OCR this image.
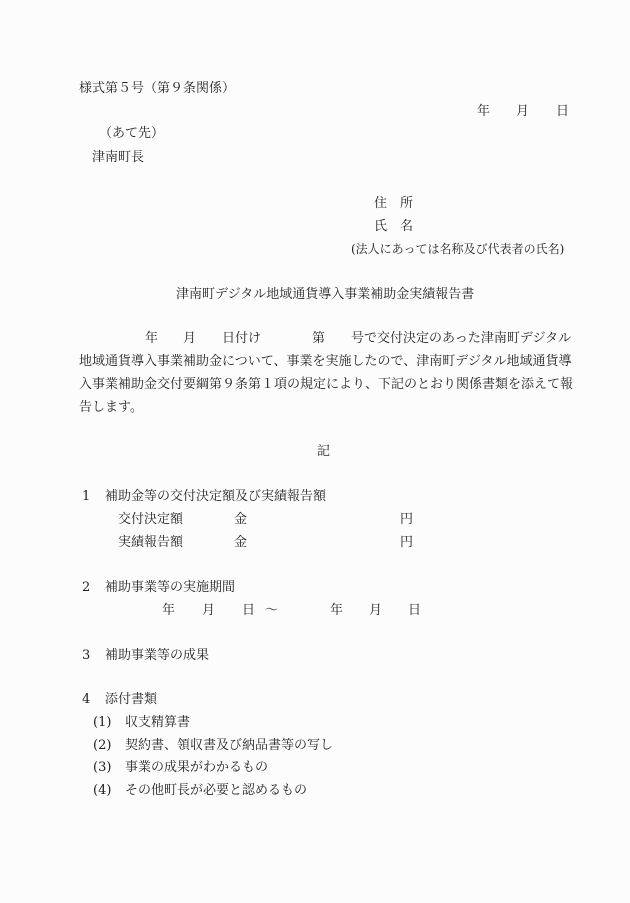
様式第５号（第９条関係）
年 月 日
（あて先）
津南町長
住　所
氏　名
(法人にあっては名称及び代表者の氏名)
津南町デジタル地域通貨導入事業補助金実績報告書
年 月 日付け	第 号で交付決定のあった津南町デジタル
地域通貨導入事業補助金について、事業を実施したので、津南町デジタル地域通貨導
入事業補助金交付要綱第９条第１項の規定により、下記のとおり関係書類を添えて報
告します。
記
1 補助金等の交付決定額及び実績報告額
交付決定額	金	円
実績報告額	金	円
2 補助事業等の実施期間
年 月 日 〜	年 月 日
3 補助事業等の成果
4 添付書類
(1) 収支精算書
(2) 契約書、領収書及び納品書等の写し
(3) 事業の成果がわかるもの
(4) その他町長が必要と認めるもの
